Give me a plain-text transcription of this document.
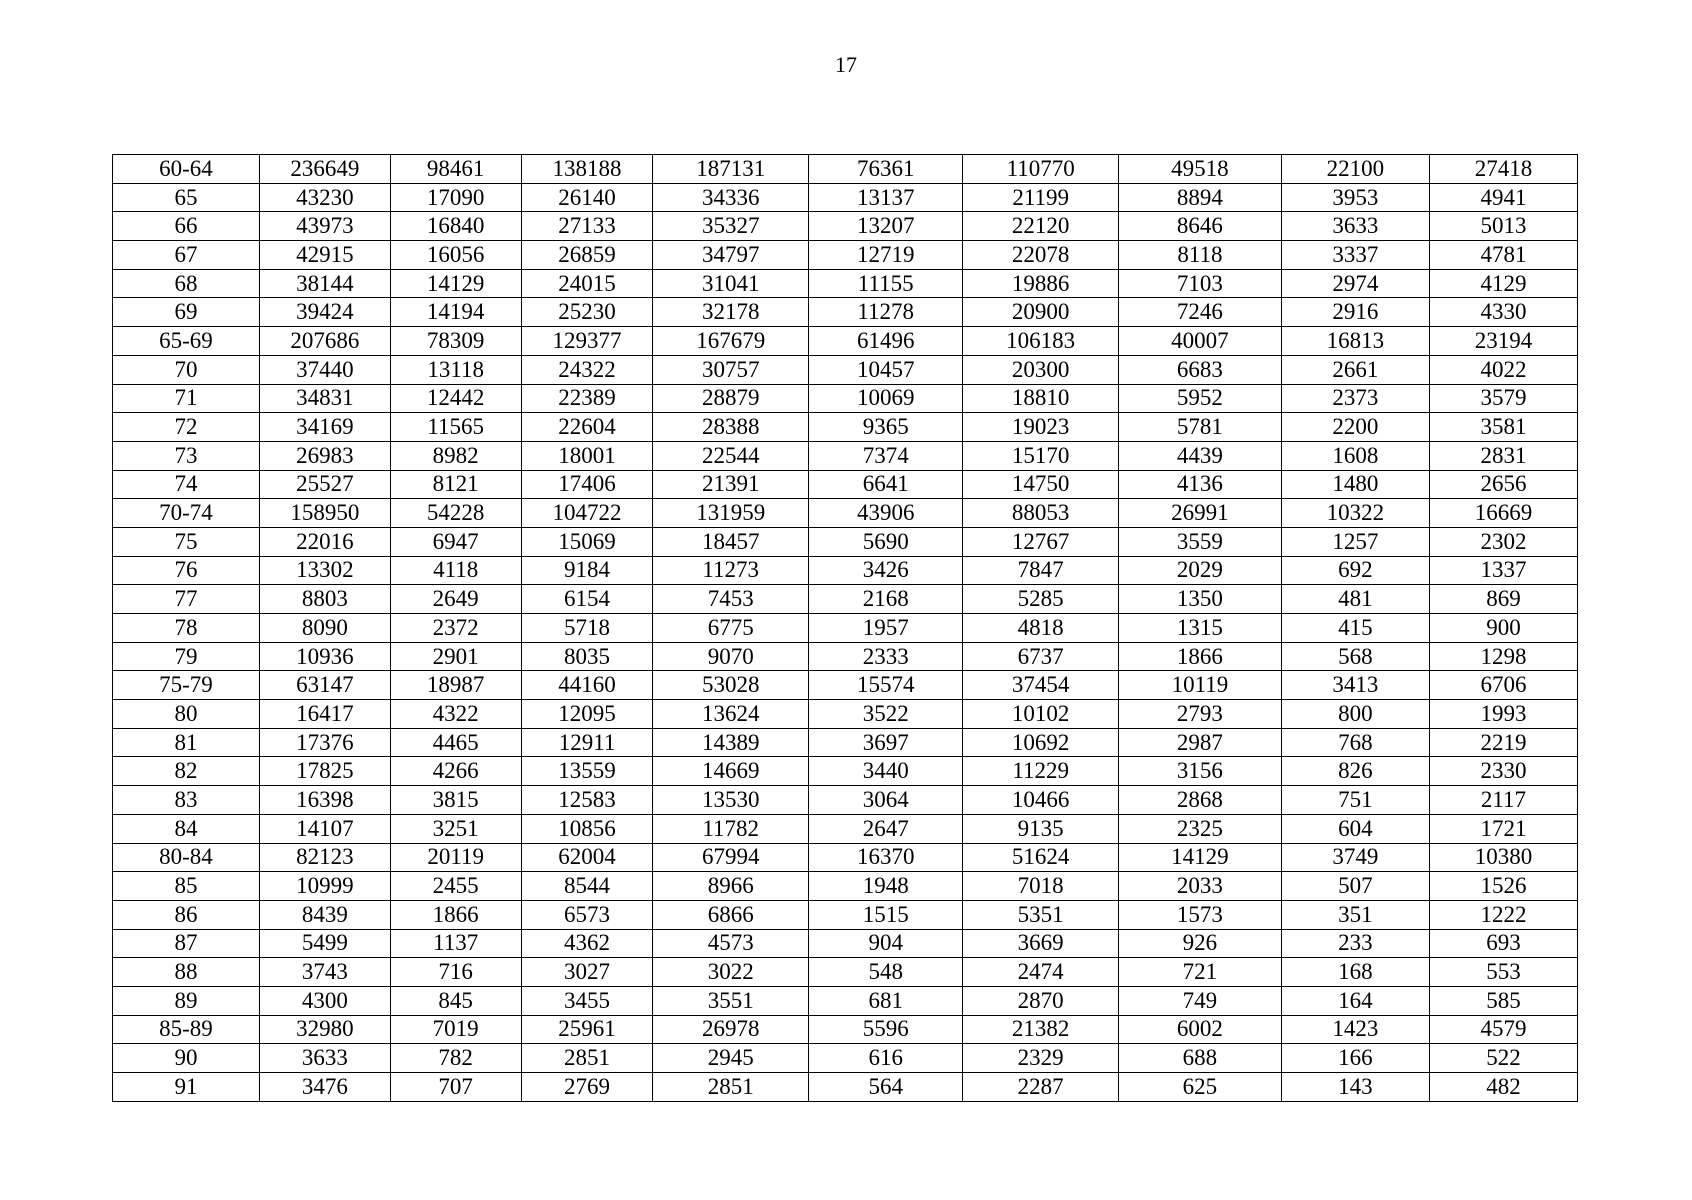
17
60-64	236649	98461	138188	187131	76361	110770	49518	22100	27418
65	43230	17090	26140	34336	13137	21199	8894	3953	4941
66	43973	16840	27133	35327	13207	22120	8646	3633	5013
67	42915	16056	26859	34797	12719	22078	8118	3337	4781
68	38144	14129	24015	31041	11155	19886	7103	2974	4129
69	39424	14194	25230	32178	11278	20900	7246	2916	4330
65-69	207686	78309	129377	167679	61496	106183	40007	16813	23194
70	37440	13118	24322	30757	10457	20300	6683	2661	4022
71	34831	12442	22389	28879	10069	18810	5952	2373	3579
72	34169	11565	22604	28388	9365	19023	5781	2200	3581
73	26983	8982	18001	22544	7374	15170	4439	1608	2831
74	25527	8121	17406	21391	6641	14750	4136	1480	2656
70-74	158950	54228	104722	131959	43906	88053	26991	10322	16669
75	22016	6947	15069	18457	5690	12767	3559	1257	2302
76	13302	4118	9184	11273	3426	7847	2029	692	1337
77	8803	2649	6154	7453	2168	5285	1350	481	869
78	8090	2372	5718	6775	1957	4818	1315	415	900
79	10936	2901	8035	9070	2333	6737	1866	568	1298
75-79	63147	18987	44160	53028	15574	37454	10119	3413	6706
80	16417	4322	12095	13624	3522	10102	2793	800	1993
81	17376	4465	12911	14389	3697	10692	2987	768	2219
82	17825	4266	13559	14669	3440	11229	3156	826	2330
83	16398	3815	12583	13530	3064	10466	2868	751	2117
84	14107	3251	10856	11782	2647	9135	2325	604	1721
80-84	82123	20119	62004	67994	16370	51624	14129	3749	10380
85	10999	2455	8544	8966	1948	7018	2033	507	1526
86	8439	1866	6573	6866	1515	5351	1573	351	1222
87	5499	1137	4362	4573	904	3669	926	233	693
88	3743	716	3027	3022	548	2474	721	168	553
89	4300	845	3455	3551	681	2870	749	164	585
85-89	32980	7019	25961	26978	5596	21382	6002	1423	4579
90	3633	782	2851	2945	616	2329	688	166	522
91	3476	707	2769	2851	564	2287	625	143	482
